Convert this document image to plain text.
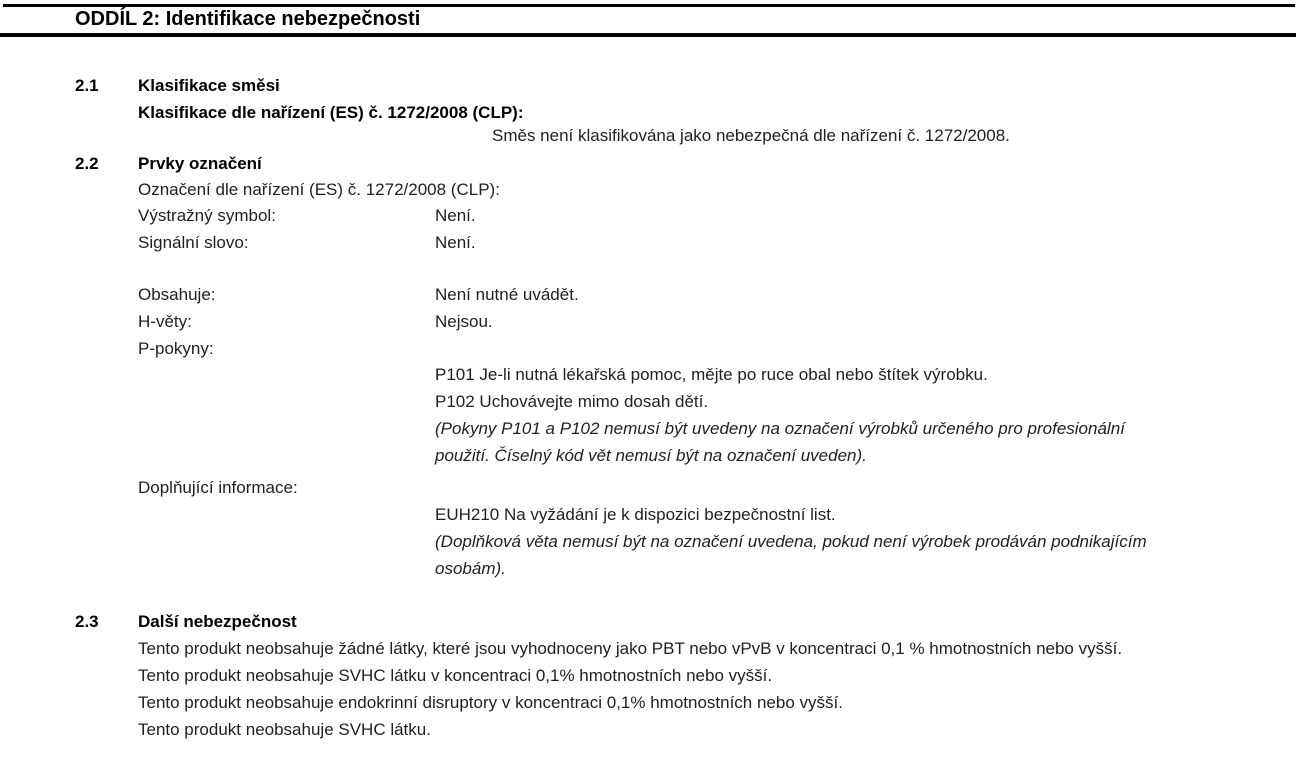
ODDÍL 2: Identifikace nebezpečnosti
2.1 Klasifikace směsi
Klasifikace dle nařízení (ES) č. 1272/2008 (CLP):
Směs není klasifikována jako nebezpečná dle nařízení č. 1272/2008.
2.2 Prvky označení
Označení dle nařízení (ES) č. 1272/2008 (CLP):
Výstražný symbol:	Není.
Signální slovo:	Není.
Obsahuje:	Není nutné uvádět.
H-věty:	Nejsou.
P-pokyny:
P101 Je-li nutná lékařská pomoc, mějte po ruce obal nebo štítek výrobku.
P102 Uchovávejte mimo dosah dětí.
(Pokyny P101 a P102 nemusí být uvedeny na označení výrobků určeného pro profesionální
použití. Číselný kód vět nemusí být na označení uveden).
Doplňující informace:
EUH210 Na vyžádání je k dispozici bezpečnostní list.
(Doplňková věta nemusí být na označení uvedena, pokud není výrobek prodáván podnikajícím
osobám).
2.3 Další nebezpečnost
Tento produkt neobsahuje žádné látky, které jsou vyhodnoceny jako PBT nebo vPvB v koncentraci 0,1 % hmotnostních nebo vyšší.
Tento produkt neobsahuje SVHC látku v koncentraci 0,1% hmotnostních nebo vyšší.
Tento produkt neobsahuje endokrinní disruptory v koncentraci 0,1% hmotnostních nebo vyšší.
Tento produkt neobsahuje SVHC látku.
